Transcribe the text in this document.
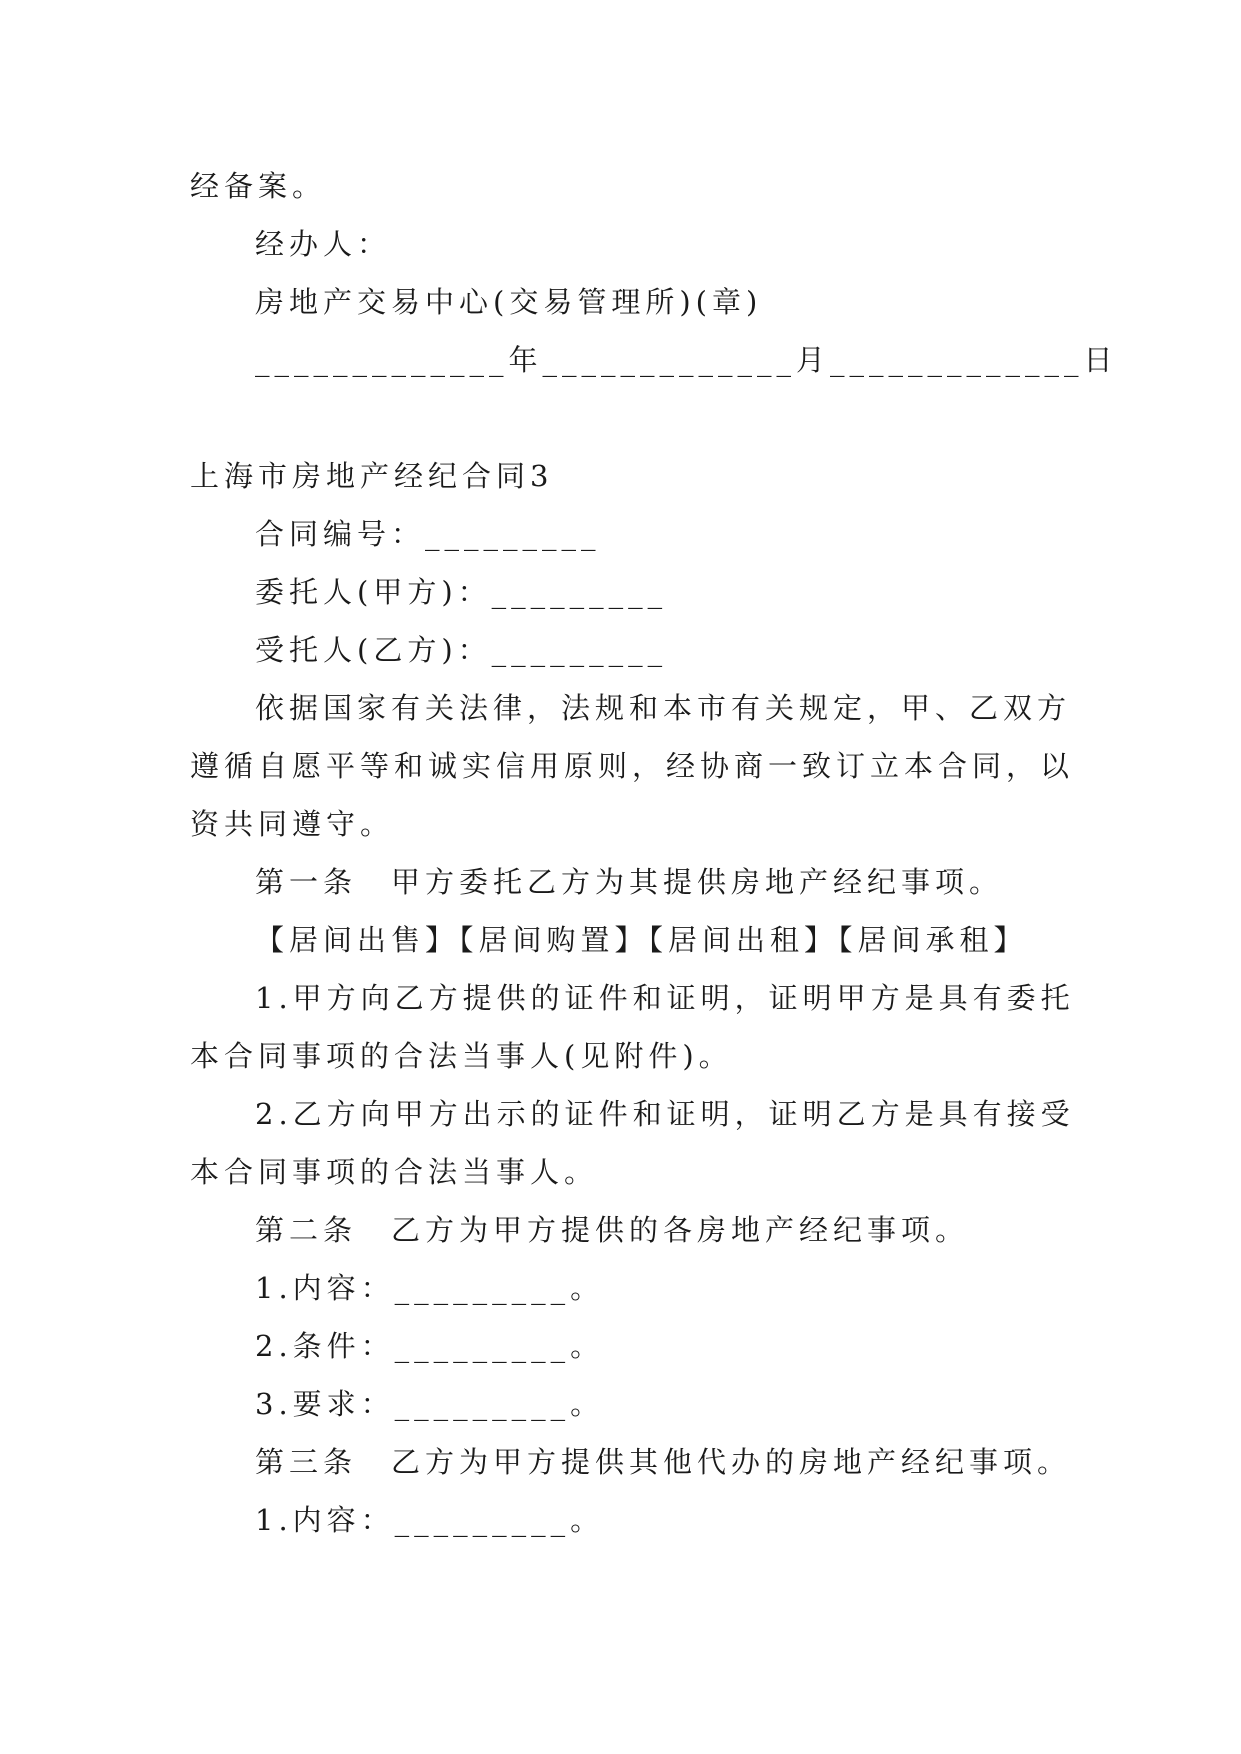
经备案。
经办人：
房地产交易中心(交易管理所)(章)
_____________年_____________月_____________日
上海市房地产经纪合同3
合同编号：_________
委托人(甲方)：_________
受托人(乙方)：_________
依据国家有关法律，法规和本市有关规定，甲、乙双方
遵循自愿平等和诚实信用原则，经协商一致订立本合同，以
资共同遵守。
第一条　甲方委托乙方为其提供房地产经纪事项。
【居间出售】【居间购置】【居间出租】【居间承租】
1.甲方向乙方提供的证件和证明，证明甲方是具有委托
本合同事项的合法当事人(见附件)。
2.乙方向甲方出示的证件和证明，证明乙方是具有接受
本合同事项的合法当事人。
第二条　乙方为甲方提供的各房地产经纪事项。
1.内容：_________。
2.条件：_________。
3.要求：_________。
第三条　乙方为甲方提供其他代办的房地产经纪事项。
1.内容：_________。
